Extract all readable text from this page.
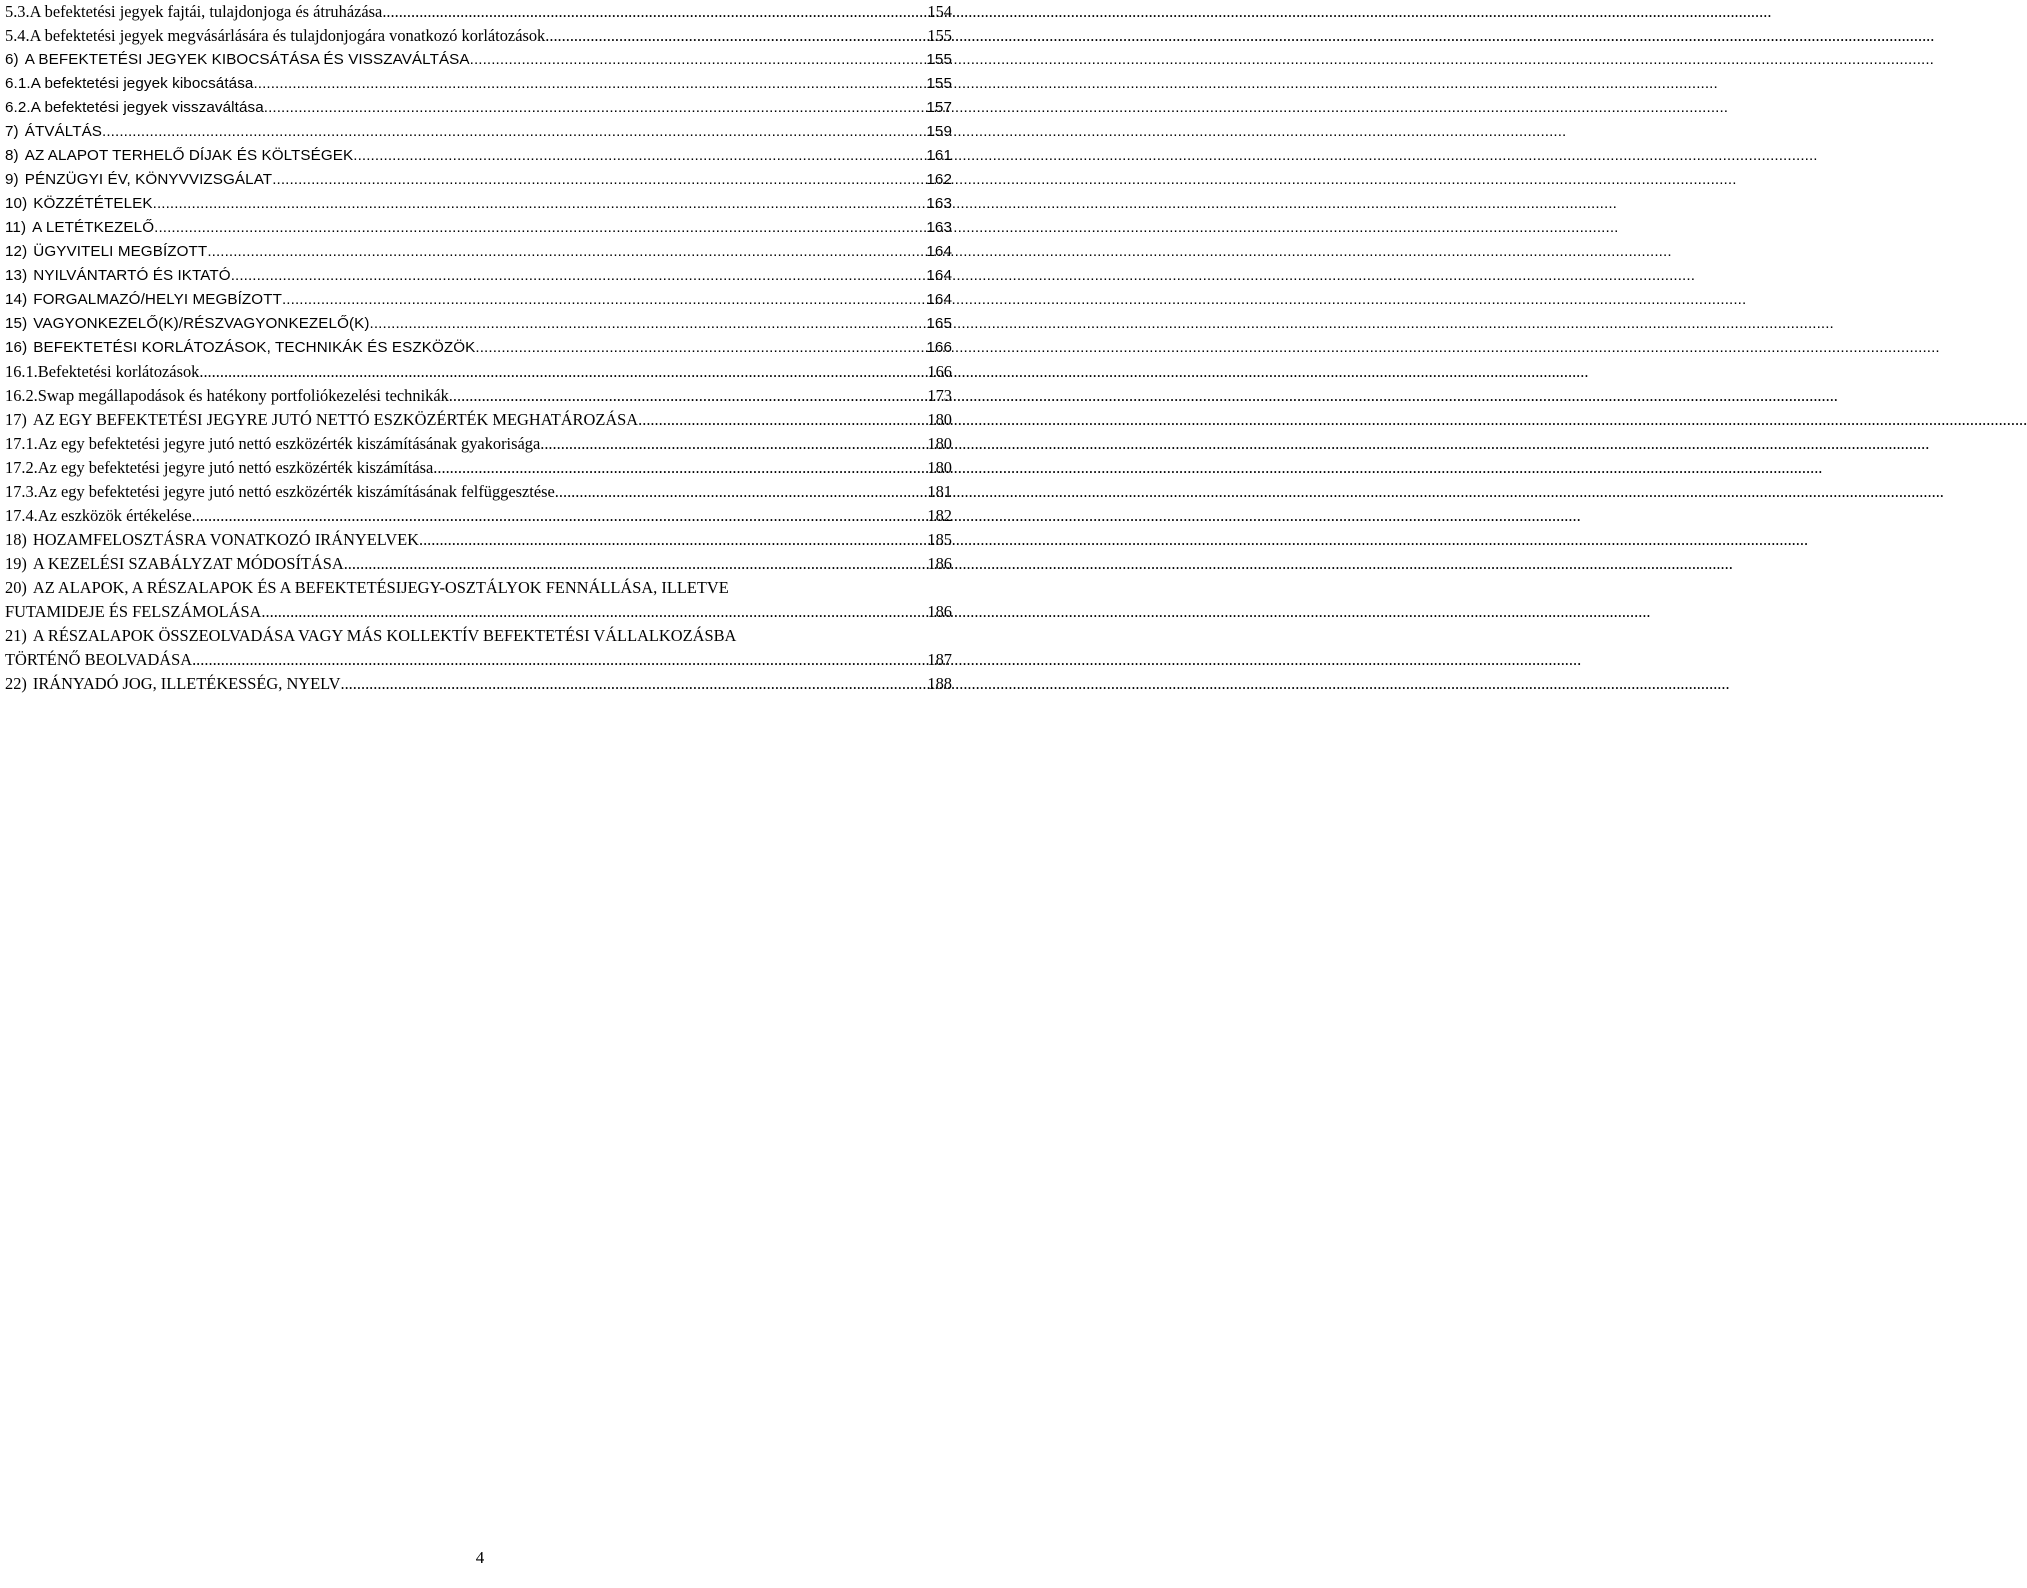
5.3. A befektetési jegyek fajtái, tulajdonjoga és átruházása .....	154
5.4. A befektetési jegyek megvásárlására és tulajdonjogára vonatkozó korlátozások .....	155
6) A BEFEKTETÉSI JEGYEK KIBOCSÁTÁSA ÉS VISSZAVÁLTÁSA .....	155
6.1. A befektetési jegyek kibocsátása .....	155
6.2. A befektetési jegyek visszaváltása .....	157
7) ÁTVÁLTÁS .....	159
8) AZ ALAPOT TERHELŐ DÍJAK ÉS KÖLTSÉGEK .....	161
9) PÉNZÜGYI ÉV, KÖNYVVIZSGÁLAT .....	162
10) KÖZZÉTÉTELEK .....	163
11) A LETÉTKEZELŐ .....	163
12) ÜGYVITELI MEGBÍZOTT .....	164
13) NYILVÁNTARTÓ ÉS IKTATÓ .....	164
14) FORGALMAZÓ/HELYI MEGBÍZOTT .....	164
15) VAGYONKEZELŐ(K)/RÉSZVAGYONKEZELŐ(K) .....	165
16) BEFEKTETÉSI KORLÁTOZÁSOK, TECHNIKÁK ÉS ESZKÖZÖK .....	166
16.1. Befektetési korlátozások .....	166
16.2. Swap megállapodások és hatékony portfoliókezelési technikák .....	173
17) AZ EGY BEFEKTETÉSI JEGYRE JUTÓ NETTÓ ESZKÖZÉRTÉK MEGHATÁROZÁSA .....	180
17.1. Az egy befektetési jegyre jutó nettó eszközérték kiszámításának gyakorisága .....	180
17.2. Az egy befektetési jegyre jutó nettó eszközérték kiszámítása .....	180
17.3. Az egy befektetési jegyre jutó nettó eszközérték kiszámításának felfüggesztése .....	181
17.4. Az eszközök értékelése .....	182
18) HOZAMFELOSZTÁSRA VONATKOZÓ IRÁNYELVEK .....	185
19) A KEZELÉSI SZABÁLYZAT MÓDOSÍTÁSA .....	186
20) AZ ALAPOK, A RÉSZALAPOK ÉS A BEFEKTETÉSIJEGY-OSZTÁLYOK FENNÁLLÁSA, ILLETVE
FUTAMIDEJE ÉS FELSZÁMOLÁSA .....	186
21) A RÉSZALAPOK ÖSSZEOLVADÁSA VAGY MÁS KOLLEKTÍV BEFEKTETÉSI VÁLLALKOZÁSBA
TÖRTÉNŐ BEOLVADÁSA .....	187
22) IRÁNYADÓ JOG, ILLETÉKESSÉG, NYELV .....	188
4
